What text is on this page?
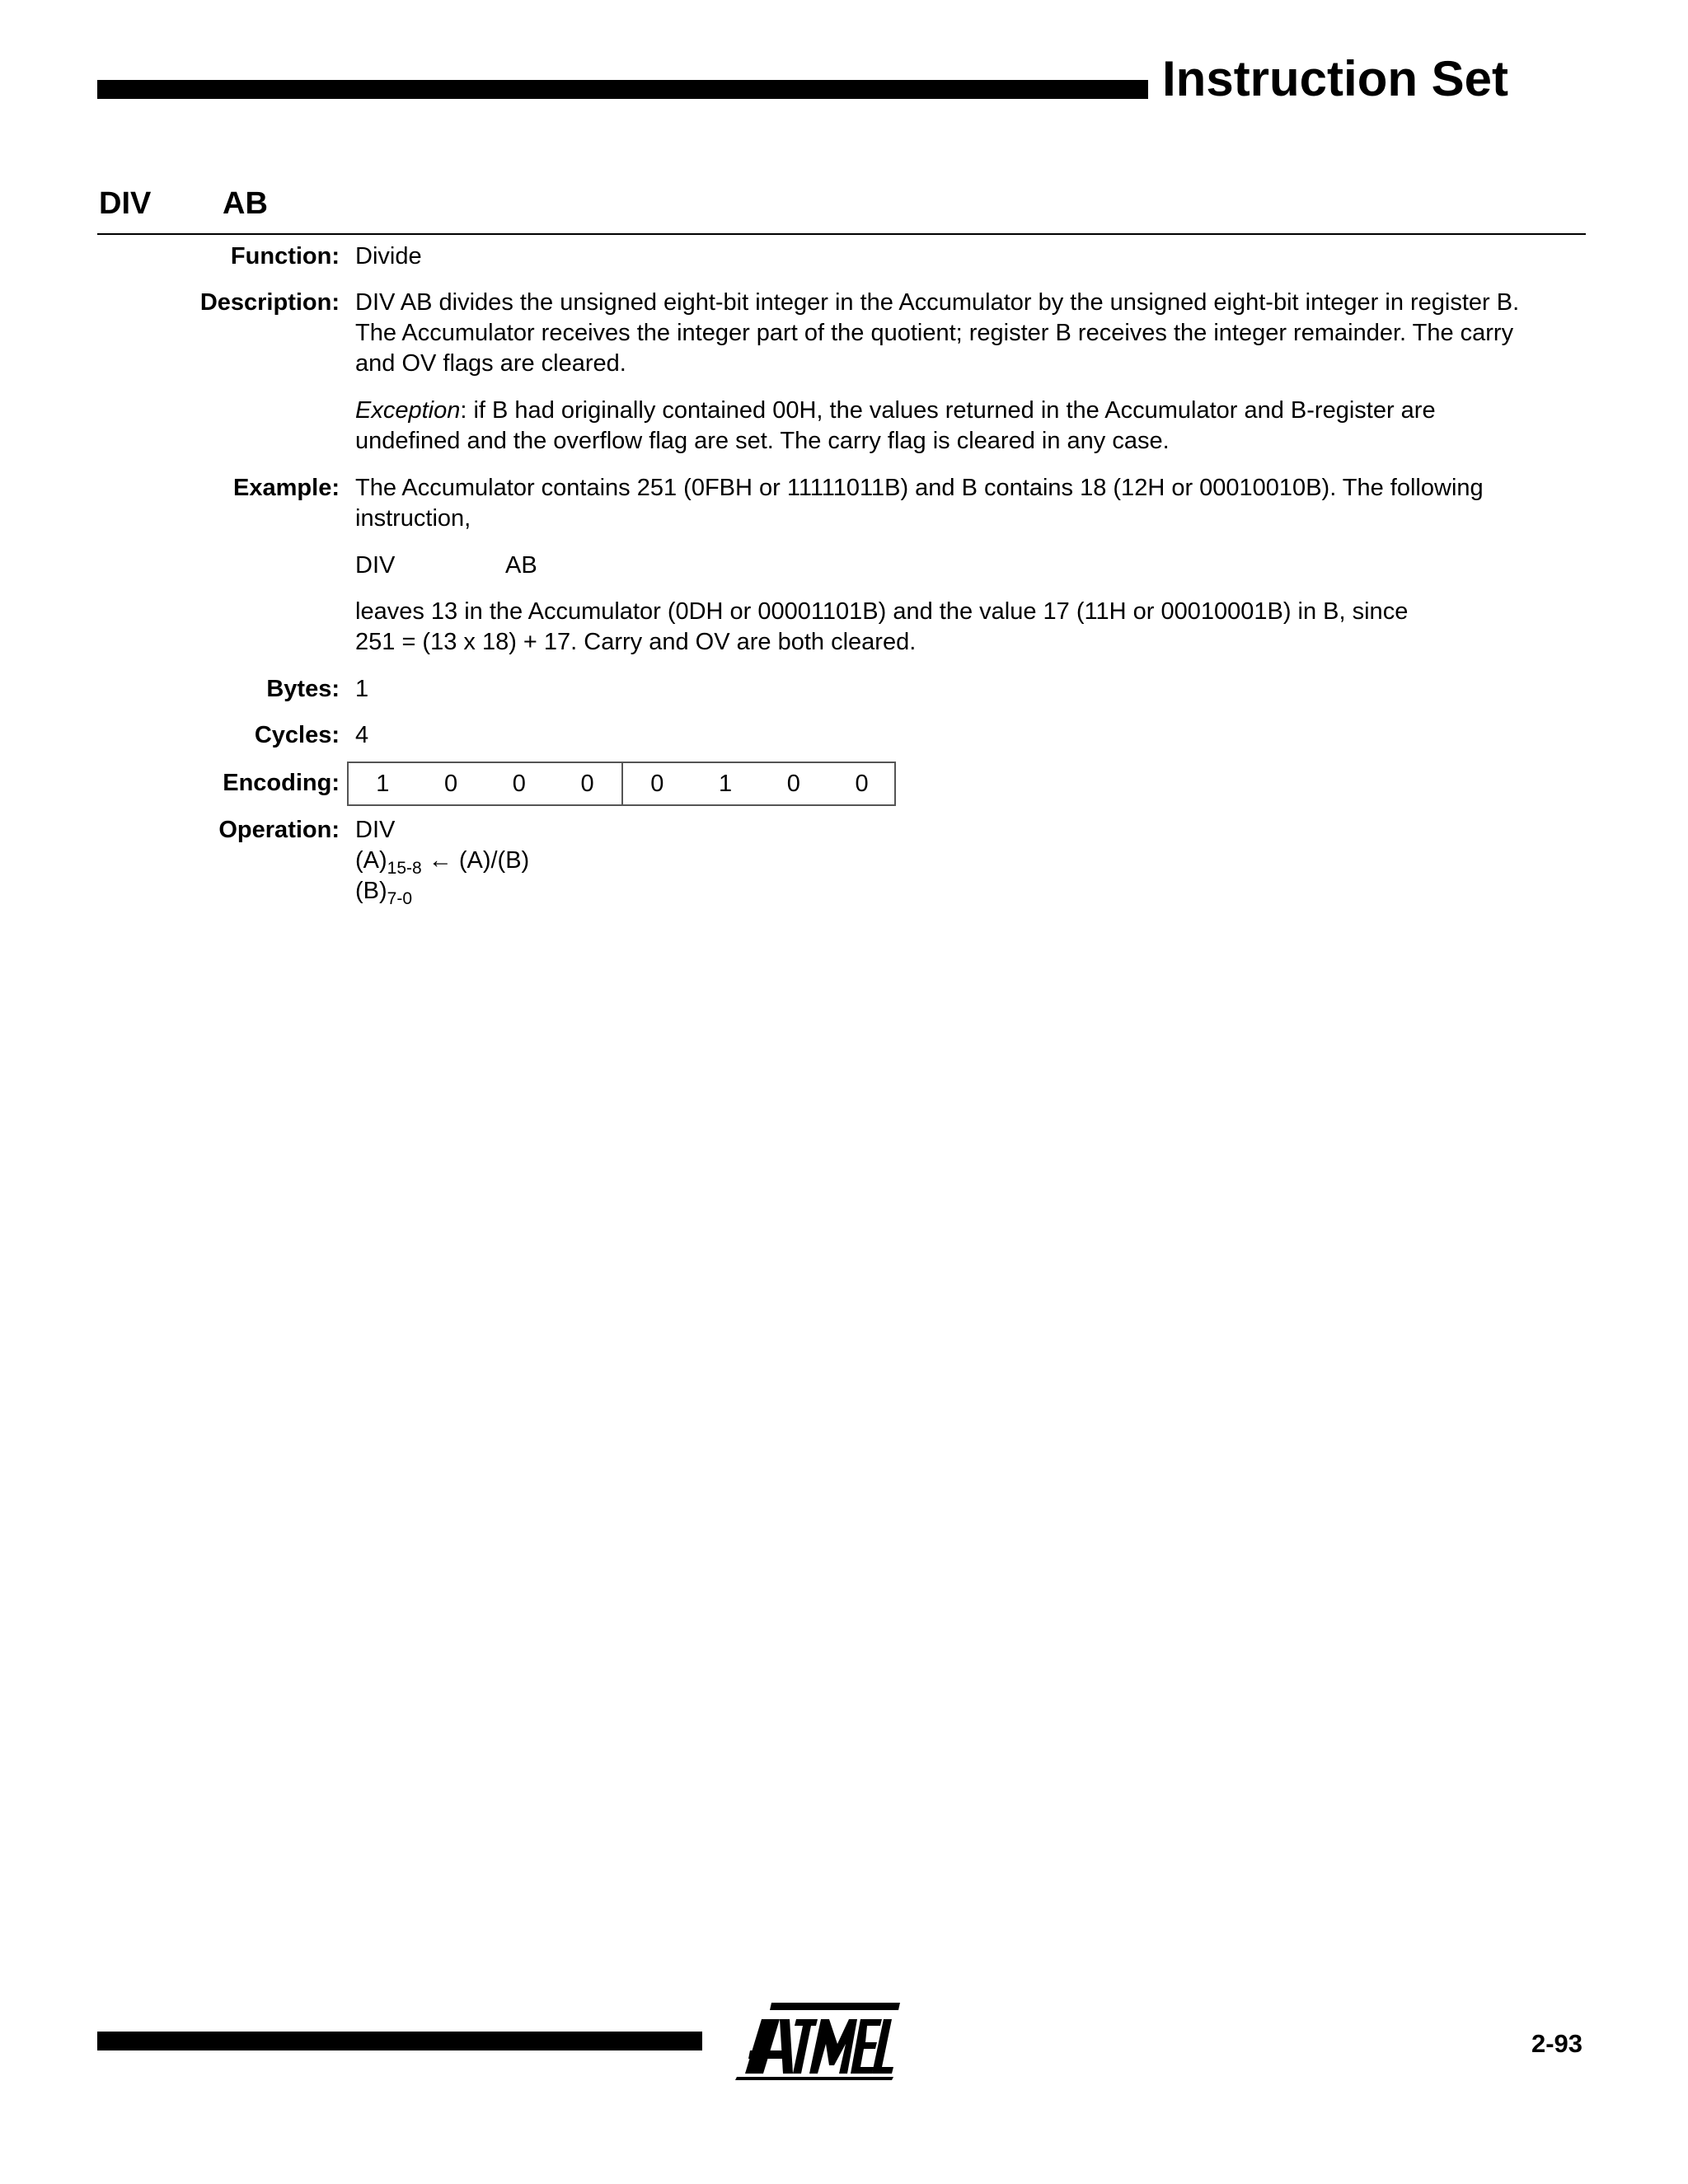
Instruction Set
DIV AB
Function: Divide
Description: DIV AB divides the unsigned eight-bit integer in the Accumulator by the unsigned eight-bit integer in register B.
The Accumulator receives the integer part of the quotient; register B receives the integer remainder. The carry
and OV flags are cleared.
Exception: if B had originally contained 00H, the values returned in the Accumulator and B-register are
undefined and the overflow flag are set. The carry flag is cleared in any case.
Example: The Accumulator contains 251 (0FBH or 11111011B) and B contains 18 (12H or 00010010B). The following
instruction,
DIV	AB
leaves 13 in the Accumulator (0DH or 00001101B) and the value 17 (11H or 00010001B) in B, since
251 = (13 x 18) + 17. Carry and OV are both cleared.
Bytes: 1
Cycles: 4
Encoding:	1	0	0	0	0	1	0	0
Operation: DIV
$(A)_{15-8}$ ← (A)/(B)
$(B)_{7-0}$
2-93
